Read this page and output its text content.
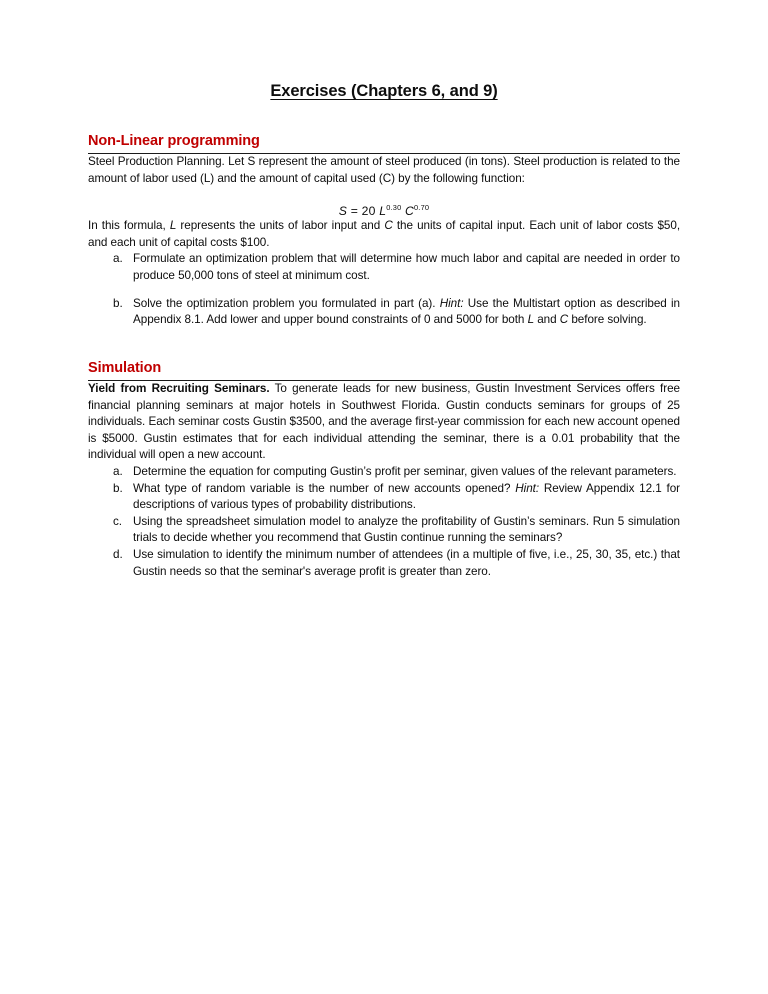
Exercises (Chapters 6, and 9)
Non-Linear programming

Steel Production Planning. Let S represent the amount of steel produced (in tons). Steel production is related to the amount of labor used (L) and the amount of capital used (C) by the following function:

S = 20 $L^{0.30}$ $C^{0.70}$

In this formula, L represents the units of labor input and C the units of capital input. Each unit of labor costs $50, and each unit of capital costs $100.

a. Formulate an optimization problem that will determine how much labor and capital are needed in order to produce 50,000 tons of steel at minimum cost.
b. Solve the optimization problem you formulated in part (a). Hint: Use the Multistart option as described in Appendix 8.1. Add lower and upper bound constraints of 0 and 5000 for both L and C before solving.
Simulation

Yield from Recruiting Seminars. To generate leads for new business, Gustin Investment Services offers free financial planning seminars at major hotels in Southwest Florida. Gustin conducts seminars for groups of 25 individuals. Each seminar costs Gustin $3500, and the average first-year commission for each new account opened is $5000. Gustin estimates that for each individual attending the seminar, there is a 0.01 probability that the individual will open a new account.

a. Determine the equation for computing Gustin’s profit per seminar, given values of the relevant parameters.
b. What type of random variable is the number of new accounts opened? Hint: Review Appendix 12.1 for descriptions of various types of probability distributions.
c. Using the spreadsheet simulation model to analyze the profitability of Gustin’s seminars. Run 5 simulation trials to decide whether you recommend that Gustin continue running the seminars?
d. Use simulation to identify the minimum number of attendees (in a multiple of five, i.e., 25, 30, 35, etc.) that Gustin needs so that the seminar's average profit is greater than zero.
